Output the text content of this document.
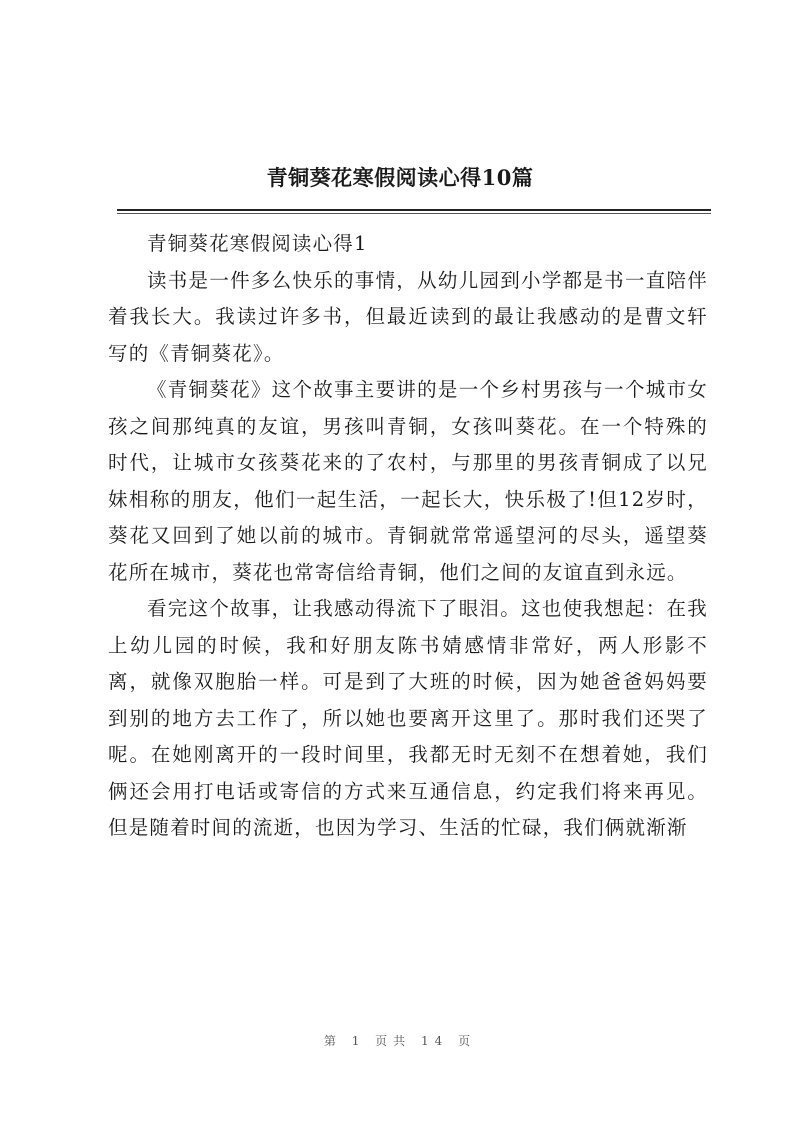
青铜葵花寒假阅读心得10篇

青铜葵花寒假阅读心得1

读书是一件多么快乐的事情，从幼儿园到小学都是书一直陪伴着我长大。我读过许多书，但最近读到的最让我感动的是曹文轩写的《青铜葵花》。

《青铜葵花》这个故事主要讲的是一个乡村男孩与一个城市女孩之间那纯真的友谊，男孩叫青铜，女孩叫葵花。在一个特殊的时代，让城市女孩葵花来的了农村，与那里的男孩青铜成了以兄妹相称的朋友，他们一起生活，一起长大，快乐极了!但12岁时，葵花又回到了她以前的城市。青铜就常常遥望河的尽头，遥望葵花所在城市，葵花也常寄信给青铜，他们之间的友谊直到永远。

看完这个故事，让我感动得流下了眼泪。这也使我想起：在我上幼儿园的时候，我和好朋友陈书婧感情非常好，两人形影不离，就像双胞胎一样。可是到了大班的时候，因为她爸爸妈妈要到别的地方去工作了，所以她也要离开这里了。那时我们还哭了呢。在她刚离开的一段时间里，我都无时无刻不在想着她，我们俩还会用打电话或寄信的方式来互通信息，约定我们将来再见。但是随着时间的流逝，也因为学习、生活的忙碌，我们俩就渐渐

第 1 页共 14 页
